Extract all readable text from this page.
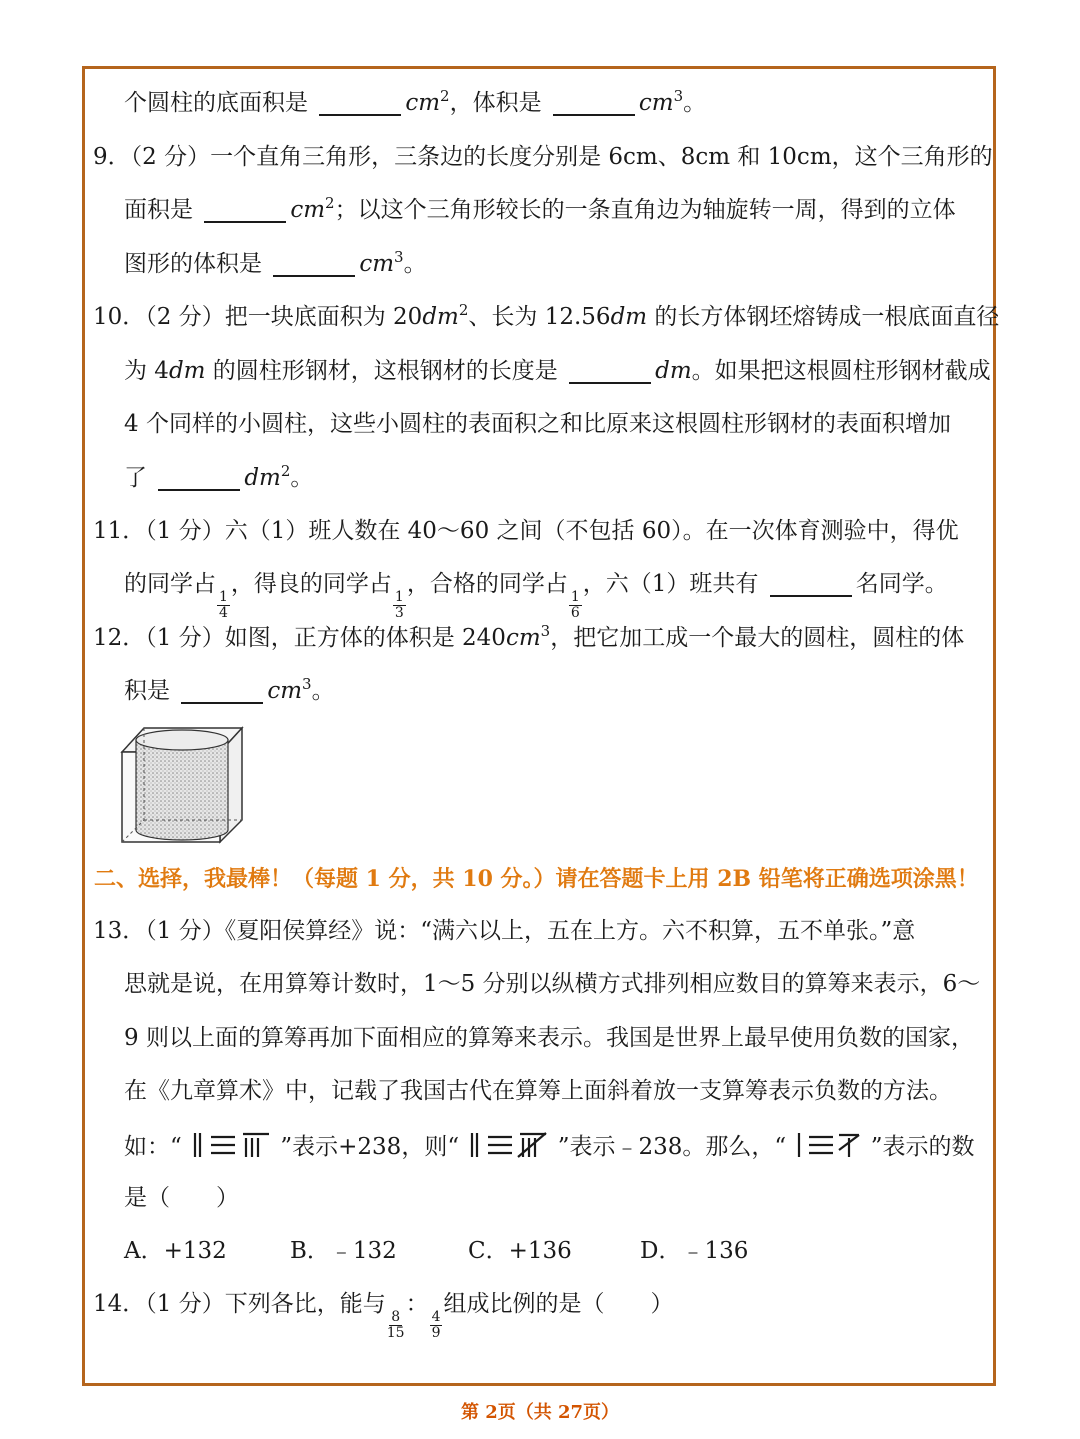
个圆柱的底面积是	$cm^2$，体积是	$cm^3$。
9．（2 分）一个直角三角形，三条边的长度分别是 6cm、8cm 和 10cm，这个三角形的
面积是	$cm^2$；以这个三角形较长的一条直角边为轴旋转一周，得到的立体
图形的体积是	$cm^3$。
10．（2 分）把一块底面积为 $20dm^2$、长为 12.56dm 的长方体钢坯熔铸成一根底面直径
为 4dm 的圆柱形钢材，这根钢材的长度是	dm。如果把这根圆柱形钢材截成
4 个同样的小圆柱，这些小圆柱的表面积之和比原来这根圆柱形钢材的表面积增加
了	$dm^2$。
11．（1 分）六（1）班人数在 40～60 之间（不包括 60）。在一次体育测验中，得优
的同学占
$\frac{1}{4}$
，得良的同学占
$\frac{1}{3}$
，合格的同学占
$\frac{1}{6}$
，六（1）班共有	名同学。
12．（1 分）如图，正方体的体积是 $240cm^3$，把它加工成一个最大的圆柱，圆柱的体
积是	$cm^3$。
二、选择，我最棒！（每题 1 分，共 10 分。）请在答题卡上用 2B 铅笔将正确选项涂黑！
13．（1 分）《夏阳侯算经》说：“满六以上，五在上方。六不积算，五不单张。”意
思就是说，在用算筹计数时，1～5 分别以纵横方式排列相应数目的算筹来表示，6～
9 则以上面的算筹再加下面相应的算筹来表示。我国是世界上最早使用负数的国家，
在《九章算术》中，记载了我国古代在算筹上面斜着放一支算筹表示负数的方法。
如：“	”表示+238，则“	”表示﹣238。那么，“	”表示的数
是（　　）
A．+132	B．﹣132	C．+136	D．﹣136
14．（1 分）下列各比，能与
$\frac{8}{15}$
：
$\frac{4}{9}$
组成比例的是（　　）
第 2页（共 27页）
